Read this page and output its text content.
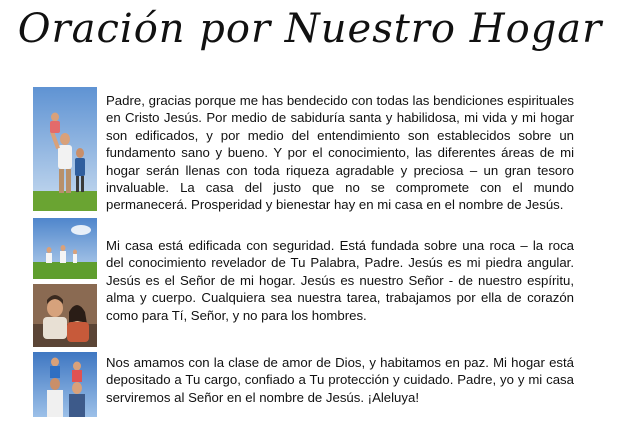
Oración por Nuestro Hogar

Padre, gracias porque me has bendecido con todas las bendiciones espirituales en Cristo Jesús. Por medio de sabiduría santa y habilidosa, mi vida y mi hogar son edificados, y por medio del entendimiento son establecidos sobre un fundamento sano y bueno. Y por el conocimiento, las diferentes áreas de mi hogar serán llenas con toda riqueza agradable y preciosa – un gran tesoro invaluable. La casa del justo que no se compromete con el mundo permanecerá. Prosperidad y bienestar hay en mi casa en el nombre de Jesús.

Mi casa está edificada con seguridad. Está fundada sobre una roca – la roca del conocimiento revelador de Tu Palabra, Padre. Jesús es mi piedra angular. Jesús es el Señor de mi hogar. Jesús es nuestro Señor - de nuestro espíritu, alma y cuerpo. Cualquiera sea nuestra tarea, trabajamos por ella de corazón como para Tí, Señor, y no para los hombres.

Nos amamos con la clase de amor de Dios, y habitamos en paz. Mi hogar está depositado a Tu cargo, confiado a Tu protección y cuidado. Padre, yo y mi casa serviremos al Señor en el nombre de Jesús. ¡Aleluya!
